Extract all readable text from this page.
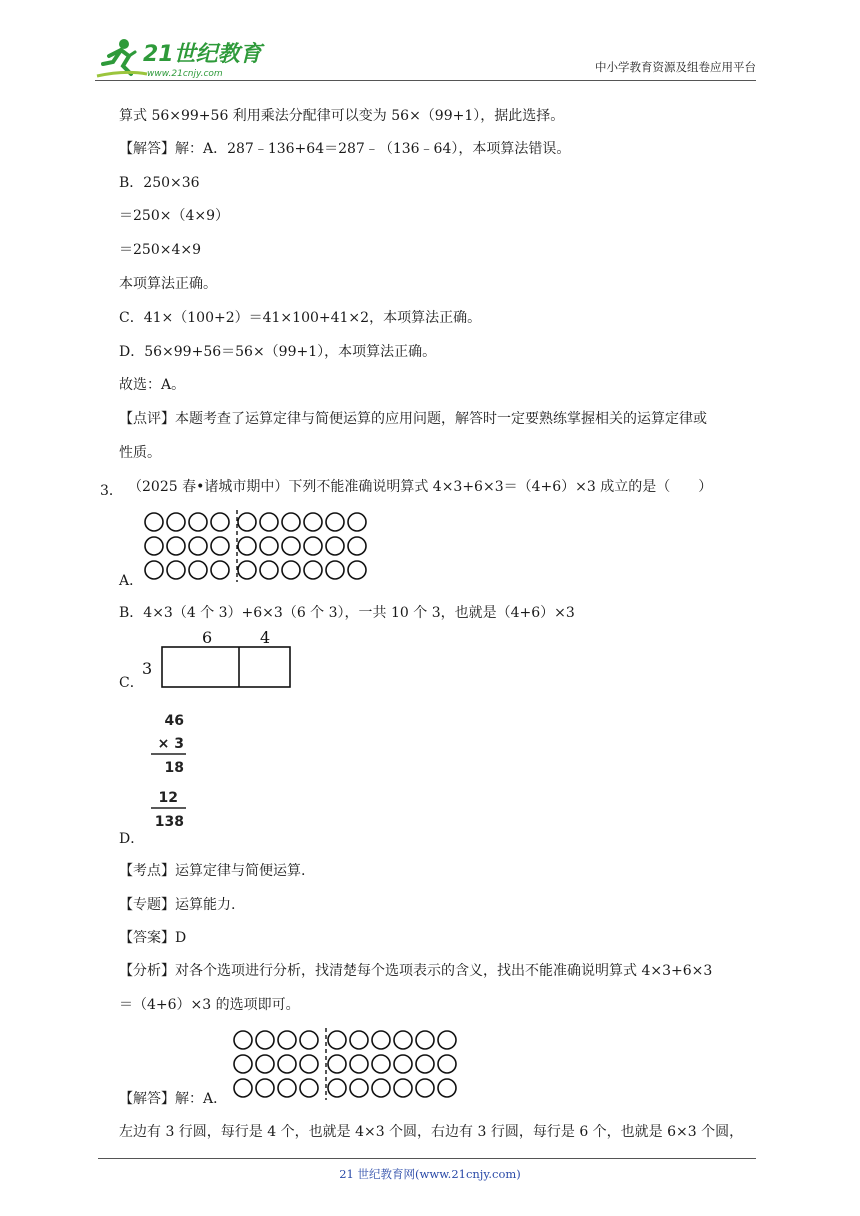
21世纪教育
www.21cnjy.com	中小学教育资源及组卷应用平台
算式 56×99+56 利用乘法分配律可以变为 56×（99+1），据此选择。
【解答】解：A．287﹣136+64＝287﹣（136﹣64），本项算法错误。
B．250×36
＝250×（4×9）
＝250×4×9
本项算法正确。
C．41×（100+2）＝41×100+41×2，本项算法正确。
D．56×99+56＝56×（99+1），本项算法正确。
故选：A。
【点评】本题考查了运算定律与简便运算的应用问题，解答时一定要熟练掌握相关的运算定律或
性质。
3． （2025 春•诸城市期中）下列不能准确说明算式 4×3+6×3＝（4+6）×3 成立的是（　　）
A．
B．4×3（4 个 3）+6×3（6 个 3），一共 10 个 3，也就是（4+6）×3
6	4
3
C．
46
× 3
18
12
138
D．
【考点】运算定律与简便运算.
【专题】运算能力.
【答案】D
【分析】对各个选项进行分析，找清楚每个选项表示的含义，找出不能准确说明算式 4×3+6×3
＝（4+6）×3 的选项即可。
【解答】解：A．
左边有 3 行圆，每行是 4 个，也就是 4×3 个圆，右边有 3 行圆，每行是 6 个，也就是 6×3 个圆，
21 世纪教育网(www.21cnjy.com)
